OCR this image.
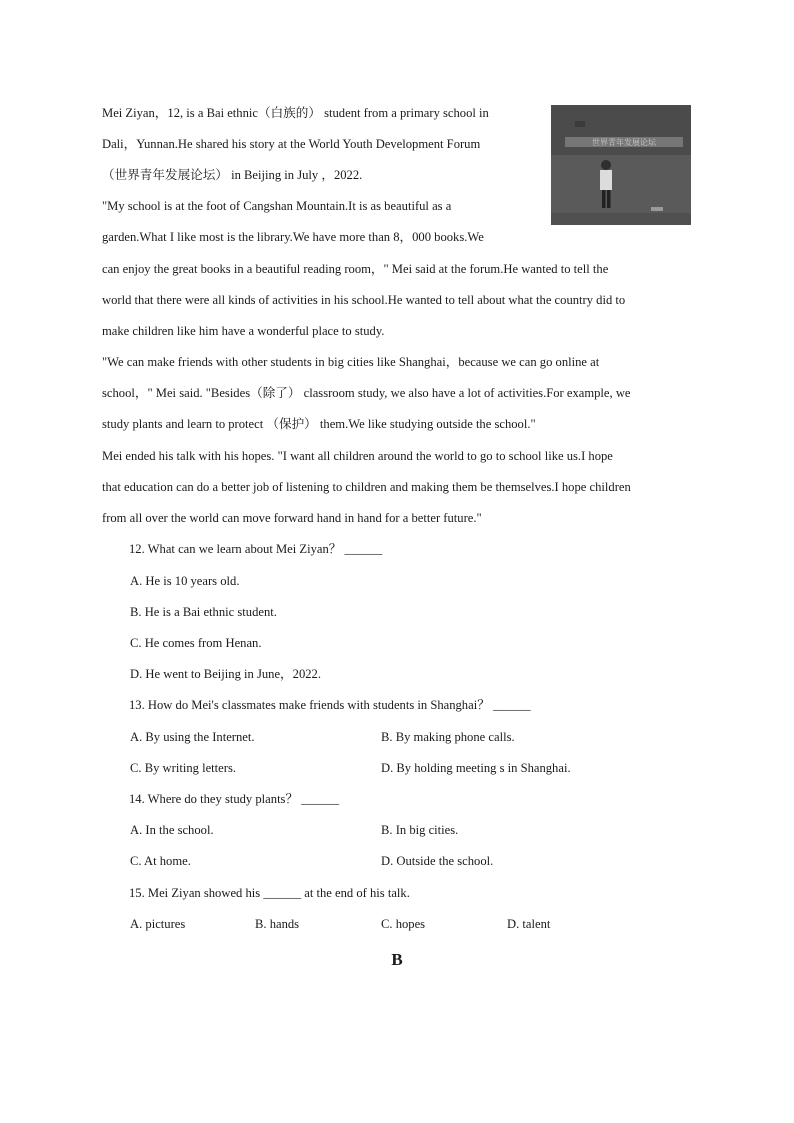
Mei Ziyan，12, is a Bai ethnic（白族的） student from a primary school in
Dali，Yunnan.He shared his story at the World Youth Development Forum
（世界青年发展论坛） in Beijing in July ，2022.
"My school is at the foot of Cangshan Mountain.It is as beautiful as a
garden.What I like most is the library.We have more than 8，000 books.We
can enjoy the great books in a beautiful reading room，" Mei said at the forum.He wanted to tell the
world that there were all kinds of activities in his school.He wanted to tell about what the country did to
make children like him have a wonderful place to study.
"We can make friends with other students in big cities like Shanghai，because we can go online at
school，" Mei said. "Besides（除了） classroom study, we also have a lot of activities.For example, we
study plants and learn to protect （保护） them.We like studying outside the school."
Mei ended his talk with his hopes. "I want all children around the world to go to school like us.I hope
that education can do a better job of listening to children and making them be themselves.I hope children
from all over the world can move forward hand in hand for a better future."
世界青年发展论坛
12. What can we learn about Mei Ziyan？ ______
A. He is 10 years old.
B. He is a Bai ethnic student.
C. He comes from Henan.
D. He went to Beijing in June，2022.
13. How do Mei's classmates make friends with students in Shanghai？ ______
A. By using the Internet.	B. By making phone calls.
C. By writing letters.	D. By holding meeting s in Shanghai.
14. Where do they study plants？ ______
A. In the school.	B. In big cities.
C. At home.	D. Outside the school.
15. Mei Ziyan showed his ______ at the end of his talk.
A. pictures	B. hands	C. hopes	D. talent
B
